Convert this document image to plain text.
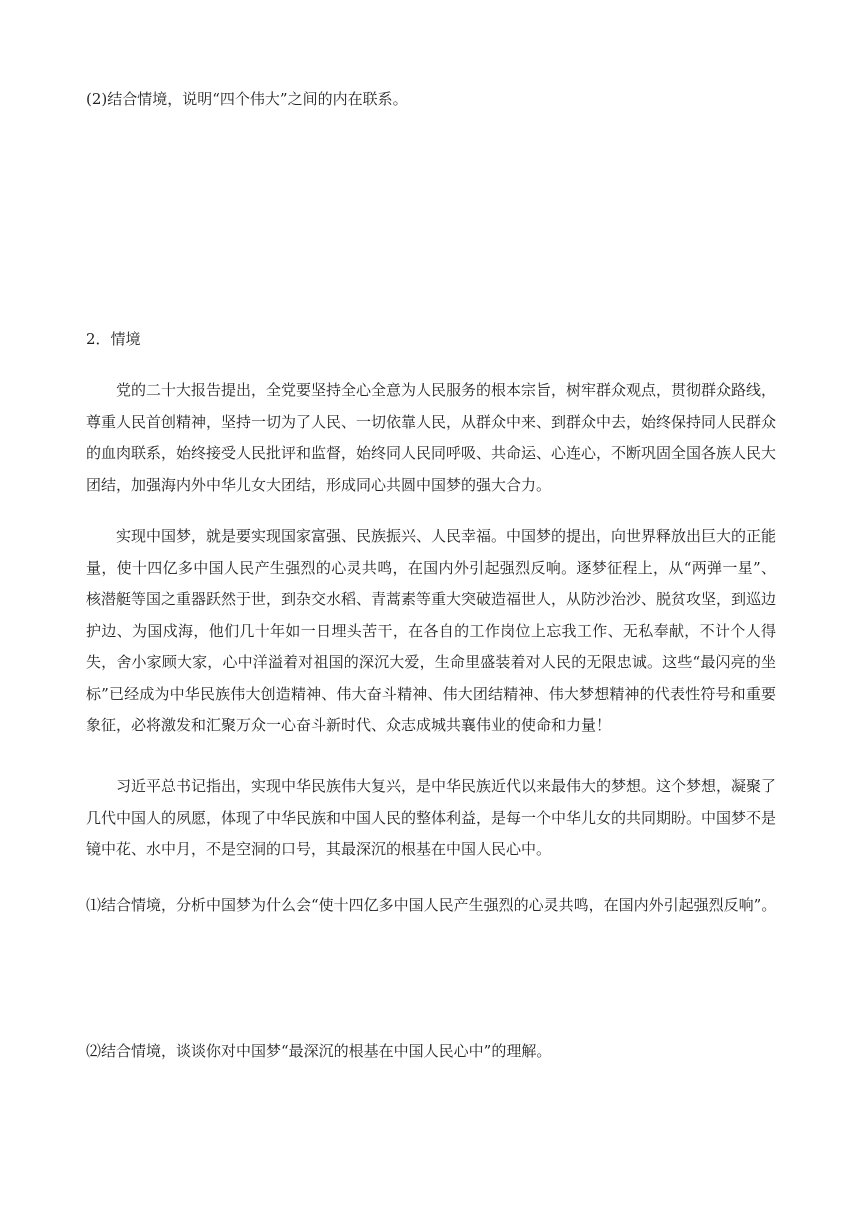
(2)结合情境，说明“四个伟大”之间的内在联系。

2．情境

党的二十大报告提出，全党要坚持全心全意为人民服务的根本宗旨，树牢群众观点，贯彻群众路线，尊重人民首创精神，坚持一切为了人民、一切依靠人民，从群众中来、到群众中去，始终保持同人民群众的血肉联系，始终接受人民批评和监督，始终同人民同呼吸、共命运、心连心，不断巩固全国各族人民大团结，加强海内外中华儿女大团结，形成同心共圆中国梦的强大合力。

实现中国梦，就是要实现国家富强、民族振兴、人民幸福。中国梦的提出，向世界释放出巨大的正能量，使十四亿多中国人民产生强烈的心灵共鸣，在国内外引起强烈反响。逐梦征程上，从“两弹一星”、核潜艇等国之重器跃然于世，到杂交水稻、青蒿素等重大突破造福世人，从防沙治沙、脱贫攻坚，到巡边护边、为国戍海，他们几十年如一日埋头苦干，在各自的工作岗位上忘我工作、无私奉献，不计个人得失，舍小家顾大家，心中洋溢着对祖国的深沉大爱，生命里盛装着对人民的无限忠诚。这些“最闪亮的坐标”已经成为中华民族伟大创造精神、伟大奋斗精神、伟大团结精神、伟大梦想精神的代表性符号和重要象征，必将激发和汇聚万众一心奋斗新时代、众志成城共襄伟业的使命和力量！

习近平总书记指出，实现中华民族伟大复兴，是中华民族近代以来最伟大的梦想。这个梦想，凝聚了几代中国人的夙愿，体现了中华民族和中国人民的整体利益，是每一个中华儿女的共同期盼。中国梦不是镜中花、水中月，不是空洞的口号，其最深沉的根基在中国人民心中。

⑴结合情境，分析中国梦为什么会“使十四亿多中国人民产生强烈的心灵共鸣，在国内外引起强烈反响”。

⑵结合情境，谈谈你对中国梦“最深沉的根基在中国人民心中”的理解。
